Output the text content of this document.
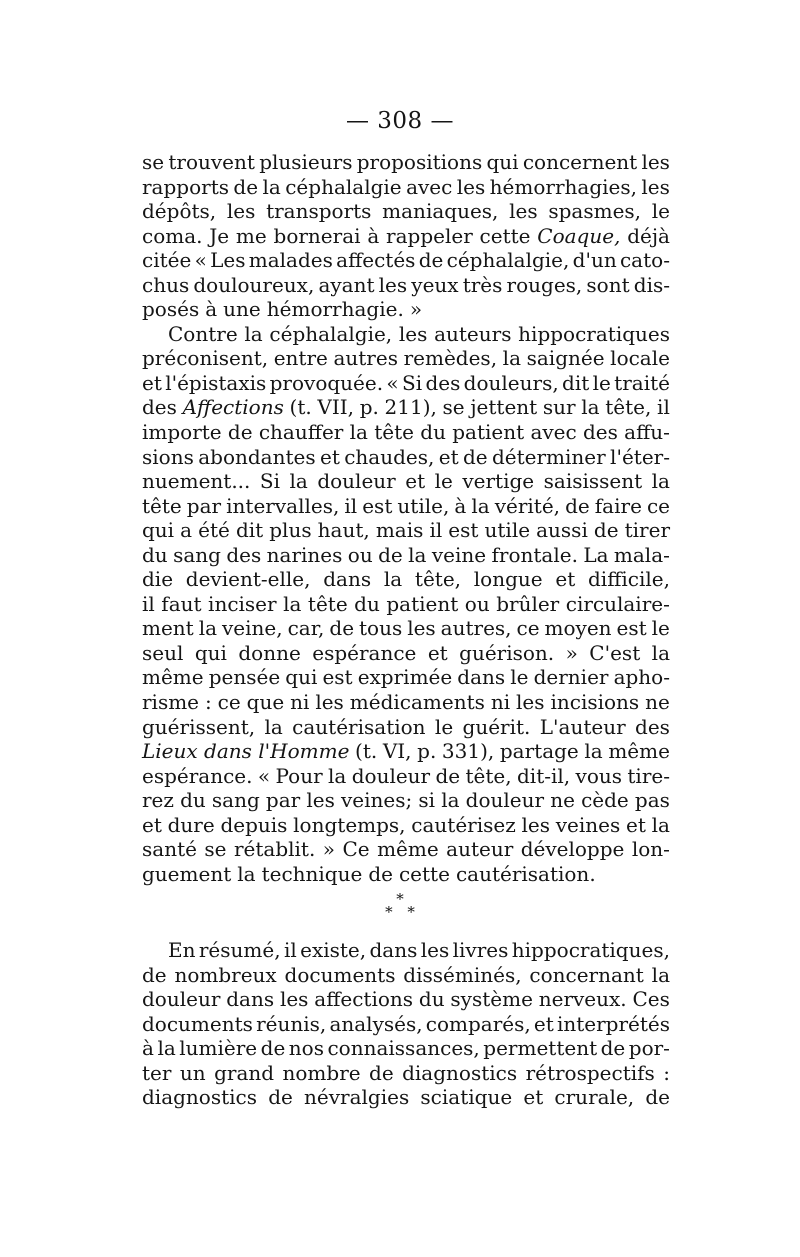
— 308 —
se trouvent plusieurs propositions qui concernent les
rapports de la céphalalgie avec les hémorrhagies, les
dépôts, les transports maniaques, les spasmes, le
coma. Je me bornerai à rappeler cette Coaque, déjà
citée « Les malades affectés de céphalalgie, d'un cato-
chus douloureux, ayant les yeux très rouges, sont dis-
posés à une hémorrhagie. »
Contre la céphalalgie, les auteurs hippocratiques
préconisent, entre autres remèdes, la saignée locale
et l'épistaxis provoquée. « Si des douleurs, dit le traité
des Affections (t. VII, p. 211), se jettent sur la tête, il
importe de chauffer la tête du patient avec des affu-
sions abondantes et chaudes, et de déterminer l'éter-
nuement... Si la douleur et le vertige saisissent la
tête par intervalles, il est utile, à la vérité, de faire ce
qui a été dit plus haut, mais il est utile aussi de tirer
du sang des narines ou de la veine frontale. La mala-
die devient-elle, dans la tête, longue et difficile,
il faut inciser la tête du patient ou brûler circulaire-
ment la veine, car, de tous les autres, ce moyen est le
seul qui donne espérance et guérison. » C'est la
même pensée qui est exprimée dans le dernier apho-
risme : ce que ni les médicaments ni les incisions ne
guérissent, la cautérisation le guérit. L'auteur des
Lieux dans l'Homme (t. VI, p. 331), partage la même
espérance. « Pour la douleur de tête, dit-il, vous tire-
rez du sang par les veines; si la douleur ne cède pas
et dure depuis longtemps, cautérisez les veines et la
santé se rétablit. » Ce même auteur développe lon-
guement la technique de cette cautérisation.
*
* *
En résumé, il existe, dans les livres hippocratiques,
de nombreux documents disséminés, concernant la
douleur dans les affections du système nerveux. Ces
documents réunis, analysés, comparés, et interprétés
à la lumière de nos connaissances, permettent de por-
ter un grand nombre de diagnostics rétrospectifs :
diagnostics de névralgies sciatique et crurale, de
